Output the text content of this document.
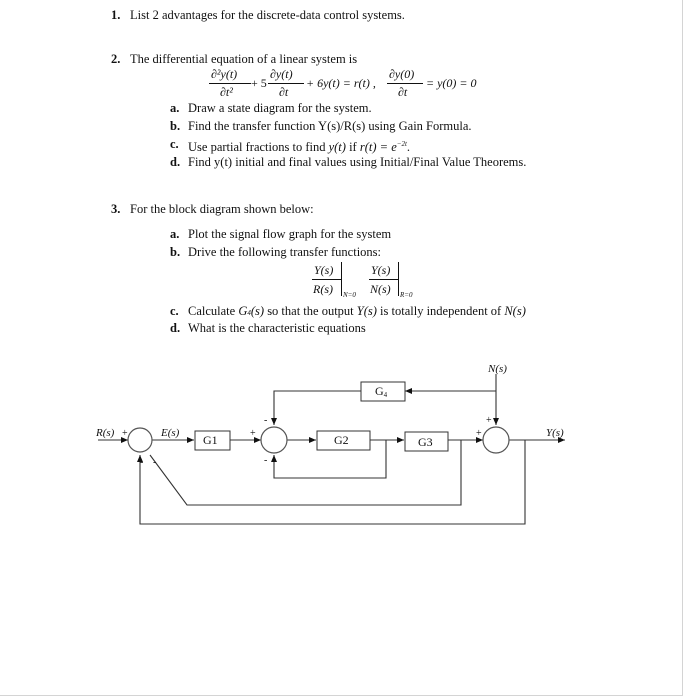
1. List 2 advantages for the discrete-data control systems.
2. The differential equation of a linear system is
∂²y(t)
∂t²
+ 5
∂y(t)
∂t
+ 6y(t) = r(t) ,
∂y(0)
∂t
= y(0) = 0
a. Draw a state diagram for the system.
b. Find the transfer function Y(s)/R(s) using Gain Formula.
c. Use partial fractions to find y(t) if $r(t) = e^{-2t}$.
d. Find y(t) initial and final values using Initial/Final Value Theorems.
3. For the block diagram shown below:
a. Plot the signal flow graph for the system
b. Drive the following transfer functions:
Y(s)
R(s) N=0
Y(s)
N(s) R=0
c. Calculate G4(s) so that the output Y(s) is totally independent of N(s)
d. What is the characteristic equations
G1	G2	G3
G4
R(s)	E(s)
N(s)
Y(s)
+
- -
+
-
-
+
+
